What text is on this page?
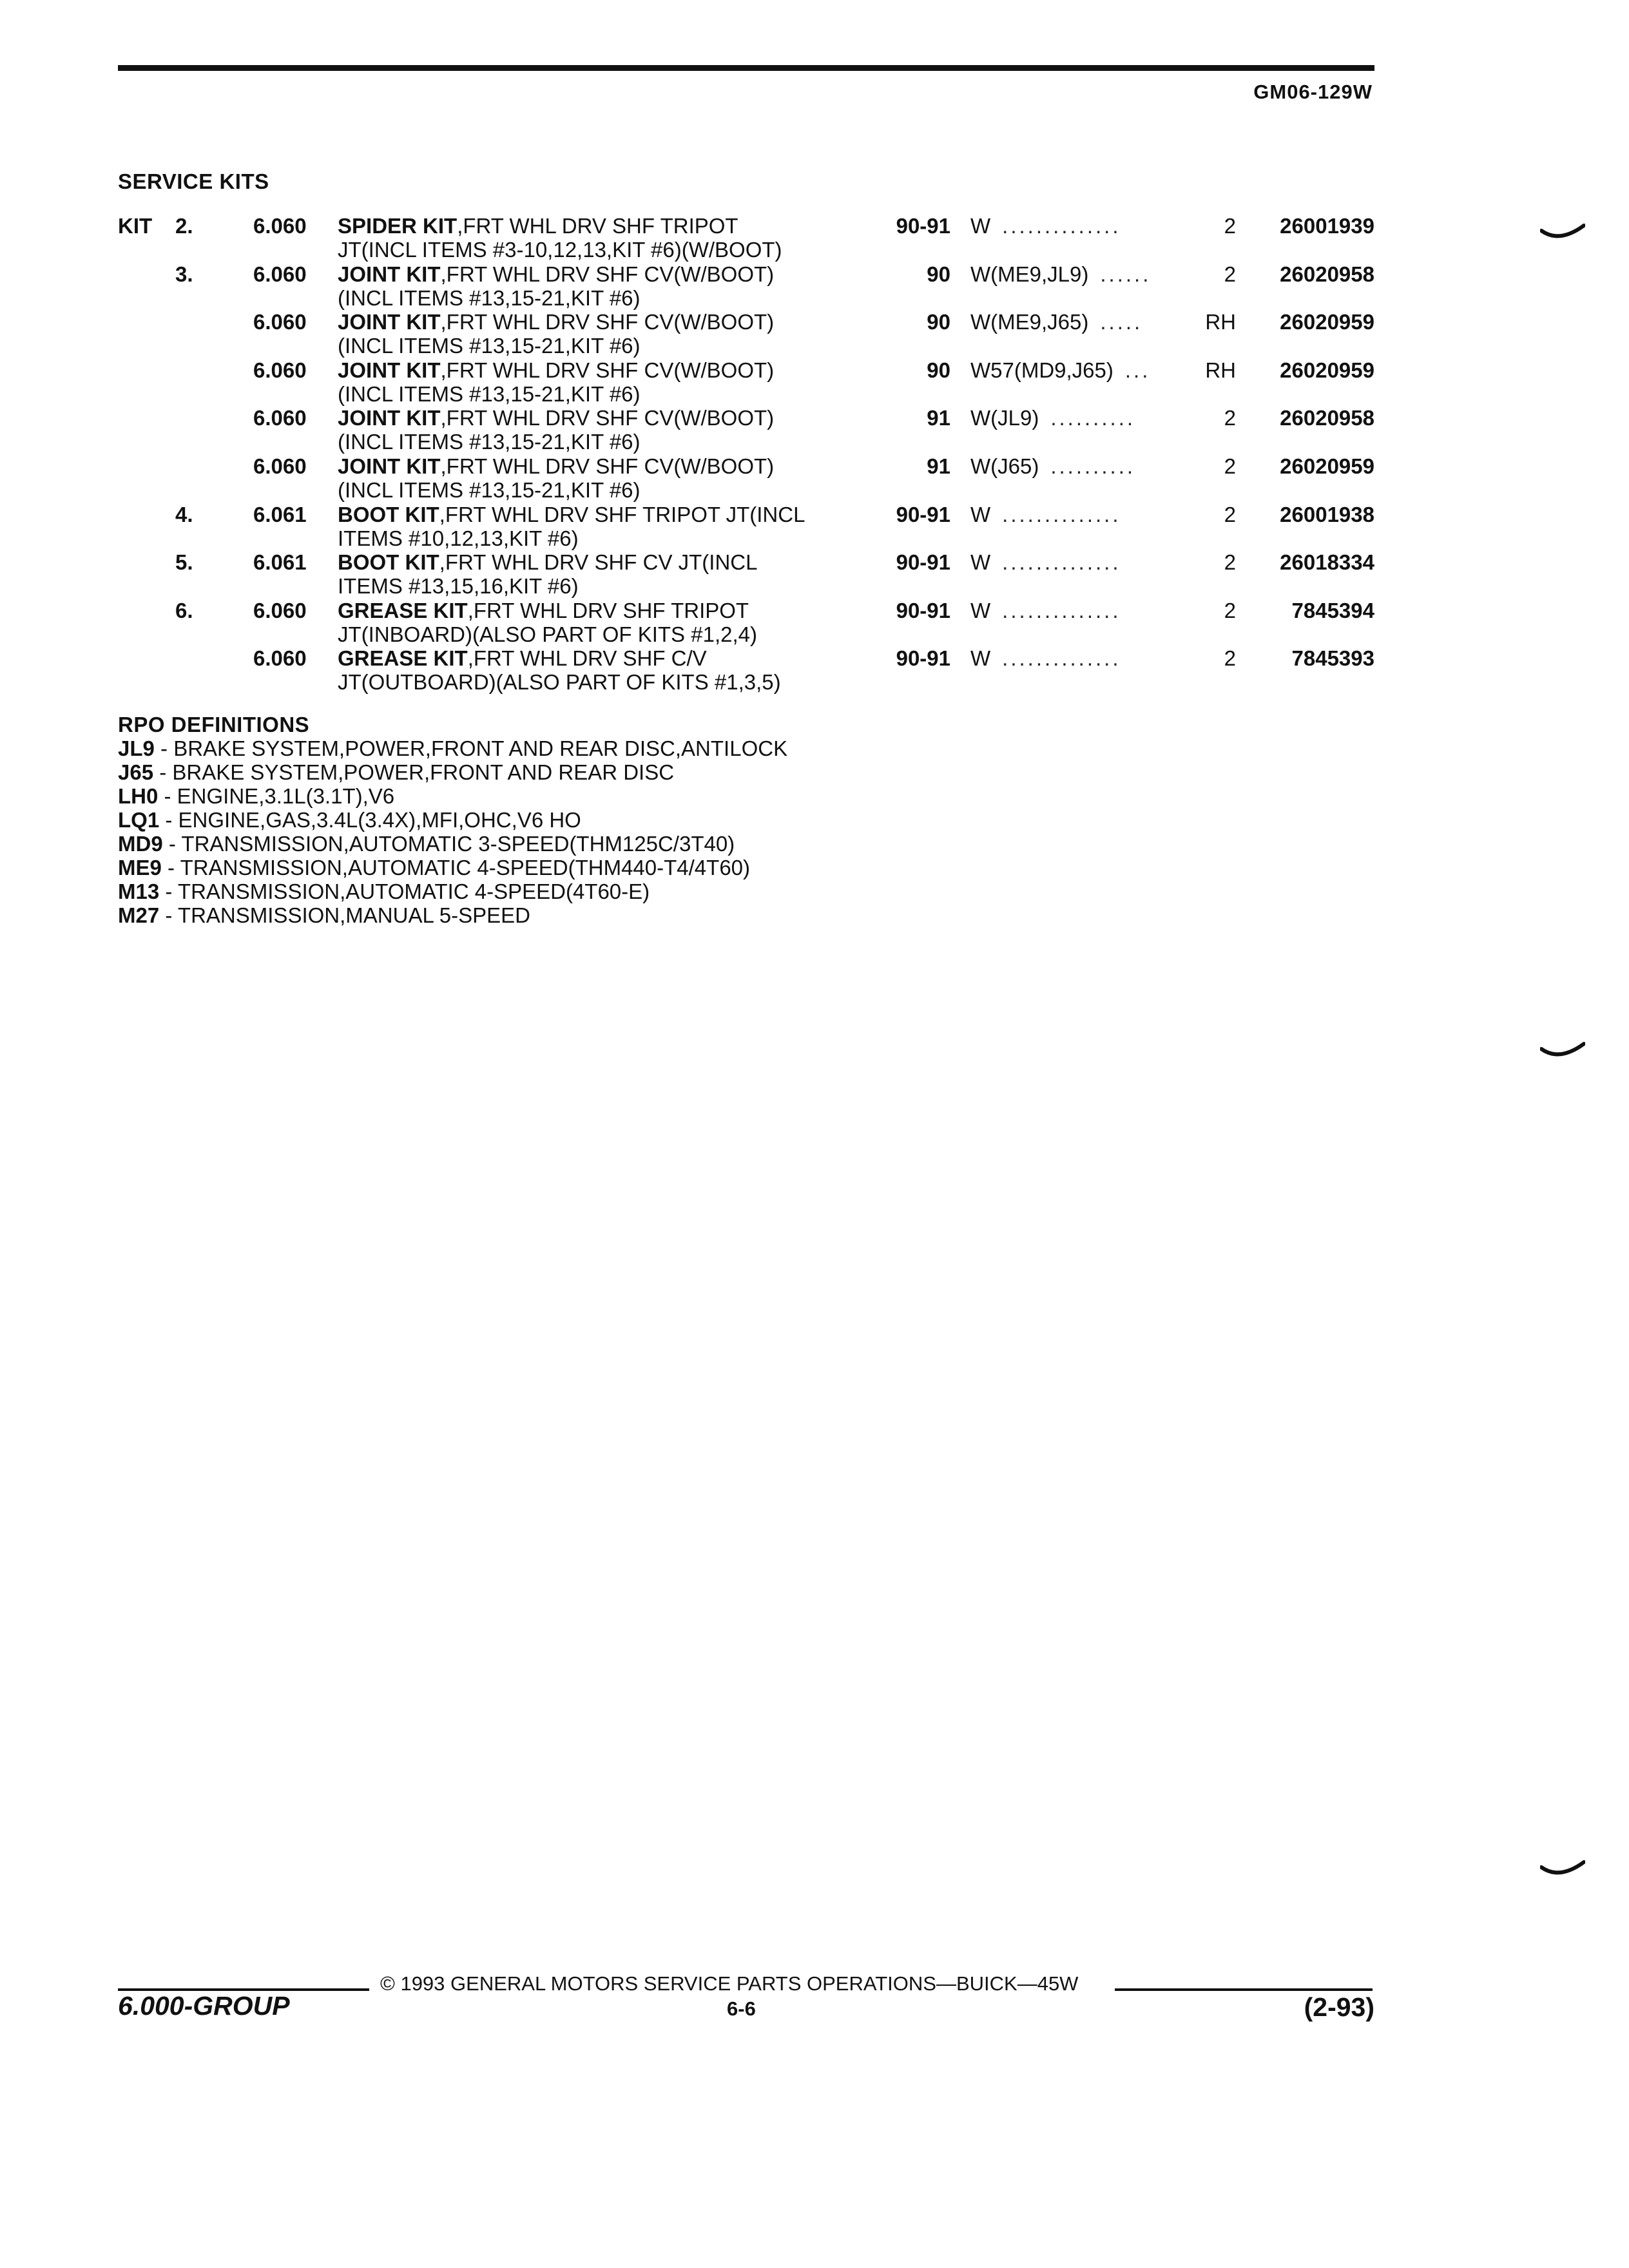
GM06-129W
SERVICE KITS
KIT 2.	6.060 SPIDER KIT,FRT WHL DRV SHF TRIPOT
JT(INCL ITEMS #3-10,12,13,KIT #6)(W/BOOT)
90-91 W	2 26001939
..............
3.	6.060 JOINT KIT,FRT WHL DRV SHF CV(W/BOOT)
(INCL ITEMS #13,15-21,KIT #6)
90 W(ME9,JL9)	2 26020958
......
6.060 JOINT KIT,FRT WHL DRV SHF CV(W/BOOT)
(INCL ITEMS #13,15-21,KIT #6)
90 W(ME9,J65)	RH 26020959
.....
6.060 JOINT KIT,FRT WHL DRV SHF CV(W/BOOT)
(INCL ITEMS #13,15-21,KIT #6)
90 W57(MD9,J65)	RH 26020959
...
6.060 JOINT KIT,FRT WHL DRV SHF CV(W/BOOT)
(INCL ITEMS #13,15-21,KIT #6)
91 W(JL9)	2 26020958
..........
6.060 JOINT KIT,FRT WHL DRV SHF CV(W/BOOT)
(INCL ITEMS #13,15-21,KIT #6)
91 W(J65)	2 26020959
..........
4.	6.061 BOOT KIT,FRT WHL DRV SHF TRIPOT JT(INCL
ITEMS #10,12,13,KIT #6)
90-91 W	2 26001938
..............
5.	6.061 BOOT KIT,FRT WHL DRV SHF CV JT(INCL
ITEMS #13,15,16,KIT #6)
90-91 W	2 26018334
..............
6.	6.060 GREASE KIT,FRT WHL DRV SHF TRIPOT
JT(INBOARD)(ALSO PART OF KITS #1,2,4)
90-91 W	2	7845394
..............
6.060 GREASE KIT,FRT WHL DRV SHF C/V
JT(OUTBOARD)(ALSO PART OF KITS #1,3,5)
90-91 W	2	7845393
..............
RPO DEFINITIONS
JL9 - BRAKE SYSTEM,POWER,FRONT AND REAR DISC,ANTILOCK
J65 - BRAKE SYSTEM,POWER,FRONT AND REAR DISC
LH0 - ENGINE,3.1L(3.1T),V6
LQ1 - ENGINE,GAS,3.4L(3.4X),MFI,OHC,V6 HO
MD9 - TRANSMISSION,AUTOMATIC 3-SPEED(THM125C/3T40)
ME9 - TRANSMISSION,AUTOMATIC 4-SPEED(THM440-T4/4T60)
M13 - TRANSMISSION,AUTOMATIC 4-SPEED(4T60-E)
M27 - TRANSMISSION,MANUAL 5-SPEED
© 1993 GENERAL MOTORS SERVICE PARTS OPERATIONS—BUICK—45W
6.000-GROUP	6-6	(2-93)
